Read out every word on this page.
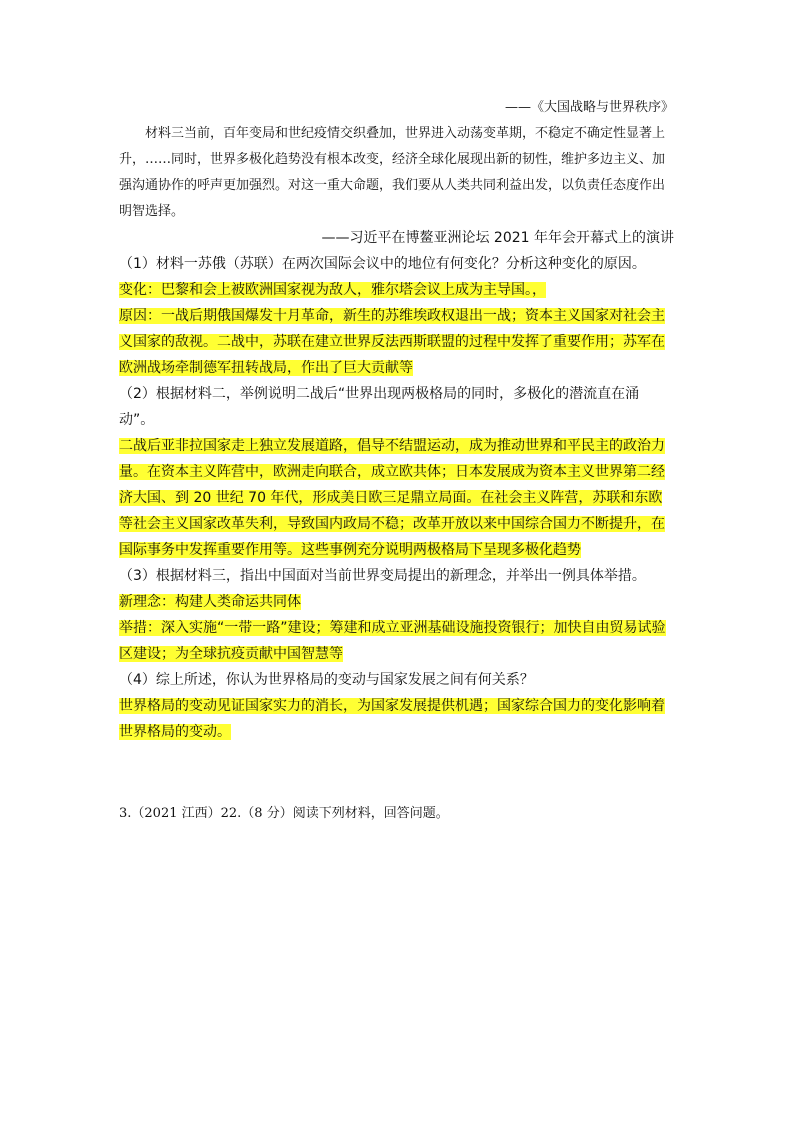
——《大国战略与世界秩序》

材料三当前，百年变局和世纪疫情交织叠加，世界进入动荡变革期，不稳定不确定性显著上升，……同时，世界多极化趋势没有根本改变，经济全球化展现出新的韧性，维护多边主义、加强沟通协作的呼声更加强烈。对这一重大命题，我们要从人类共同利益出发，以负责任态度作出明智选择。

——习近平在博鳌亚洲论坛 2021 年年会开幕式上的演讲

（1）材料一苏俄（苏联）在两次国际会议中的地位有何变化？分析这种变化的原因。

变化：巴黎和会上被欧洲国家视为敌人，雅尔塔会议上成为主导国。，

原因：一战后期俄国爆发十月革命，新生的苏维埃政权退出一战；资本主义国家对社会主义国家的敌视。二战中，苏联在建立世界反法西斯联盟的过程中发挥了重要作用；苏军在欧洲战场牵制德军扭转战局，作出了巨大贡献等

（2）根据材料二，举例说明二战后“世界出现两极格局的同时，多极化的潜流直在涌动”。

二战后亚非拉国家走上独立发展道路，倡导不结盟运动，成为推动世界和平民主的政治力量。在资本主义阵营中，欧洲走向联合，成立欧共体；日本发展成为资本主义世界第二经济大国、到 20 世纪 70 年代，形成美日欧三足鼎立局面。在社会主义阵营，苏联和东欧等社会主义国家改革失利，导致国内政局不稳；改革开放以来中国综合国力不断提升，在国际事务中发挥重要作用等。这些事例充分说明两极格局下呈现多极化趋势

（3）根据材料三，指出中国面对当前世界变局提出的新理念，并举出一例具体举措。

新理念：构建人类命运共同体

举措：深入实施“一带一路”建设；筹建和成立亚洲基础设施投资银行；加快自由贸易试验区建设；为全球抗疫贡献中国智慧等

（4）综上所述，你认为世界格局的变动与国家发展之间有何关系？

世界格局的变动见证国家实力的消长，为国家发展提供机遇；国家综合国力的变化影响着世界格局的变动。

3.（2021 江西）22.（8 分）阅读下列材料，回答问题。
